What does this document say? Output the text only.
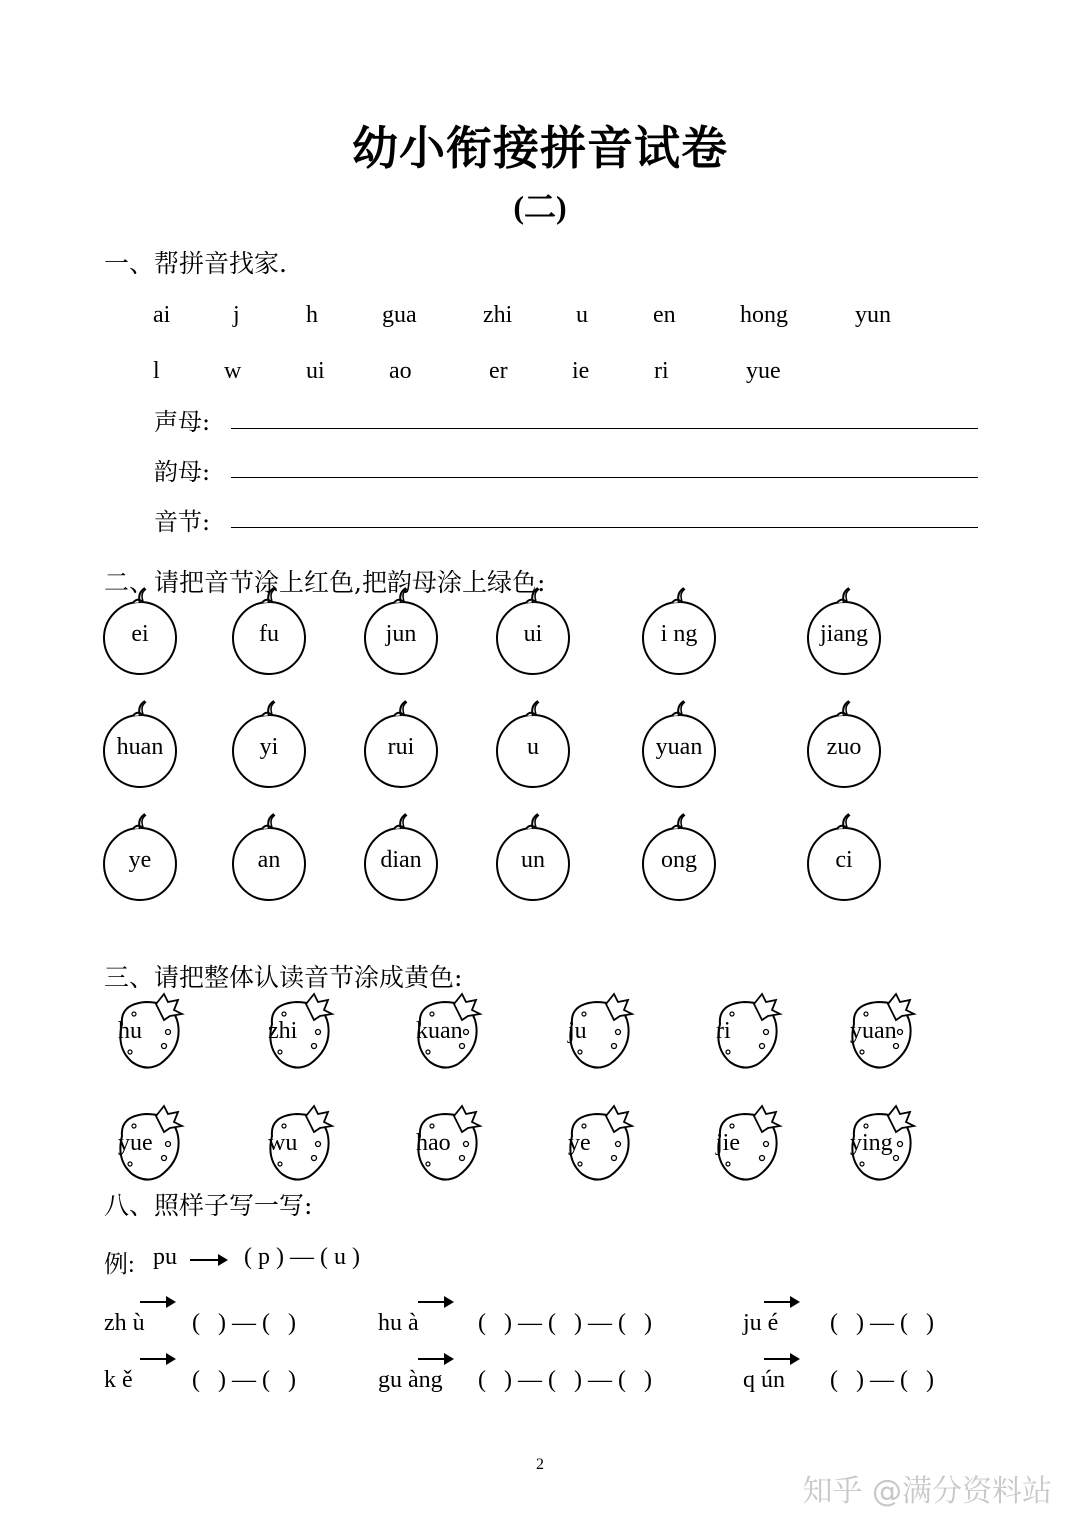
幼小衔接拼音试卷
(二)
一、帮拼音找家.
ai	j	h	gua	zhi	u	en	hong	yun
l	w	ui	ao	er	ie	ri	yue
声母:
韵母:
音节:
二、请把音节涂上红色,把韵母涂上绿色:
ei	fu	jun	ui	i ng	jiang
huan	yi	rui	u	yuan	zuo
ye	an	dian	un	ong	ci
三、请把整体认读音节涂成黄色:
hu	zhi	kuan	ju	ri	yuan
yue	wu	hao	ye	jie	ying
八、照样子写一写:
例: pu	( p ) — ( u )
zh ù (   ) — (   )	hu à (   ) — (   ) — (   )	ju é (   ) — (   )
k ě (   ) — (   )	gu àng (   ) — (   ) — (   )	q ún (   ) — (   )
2
知乎 @满分资料站
